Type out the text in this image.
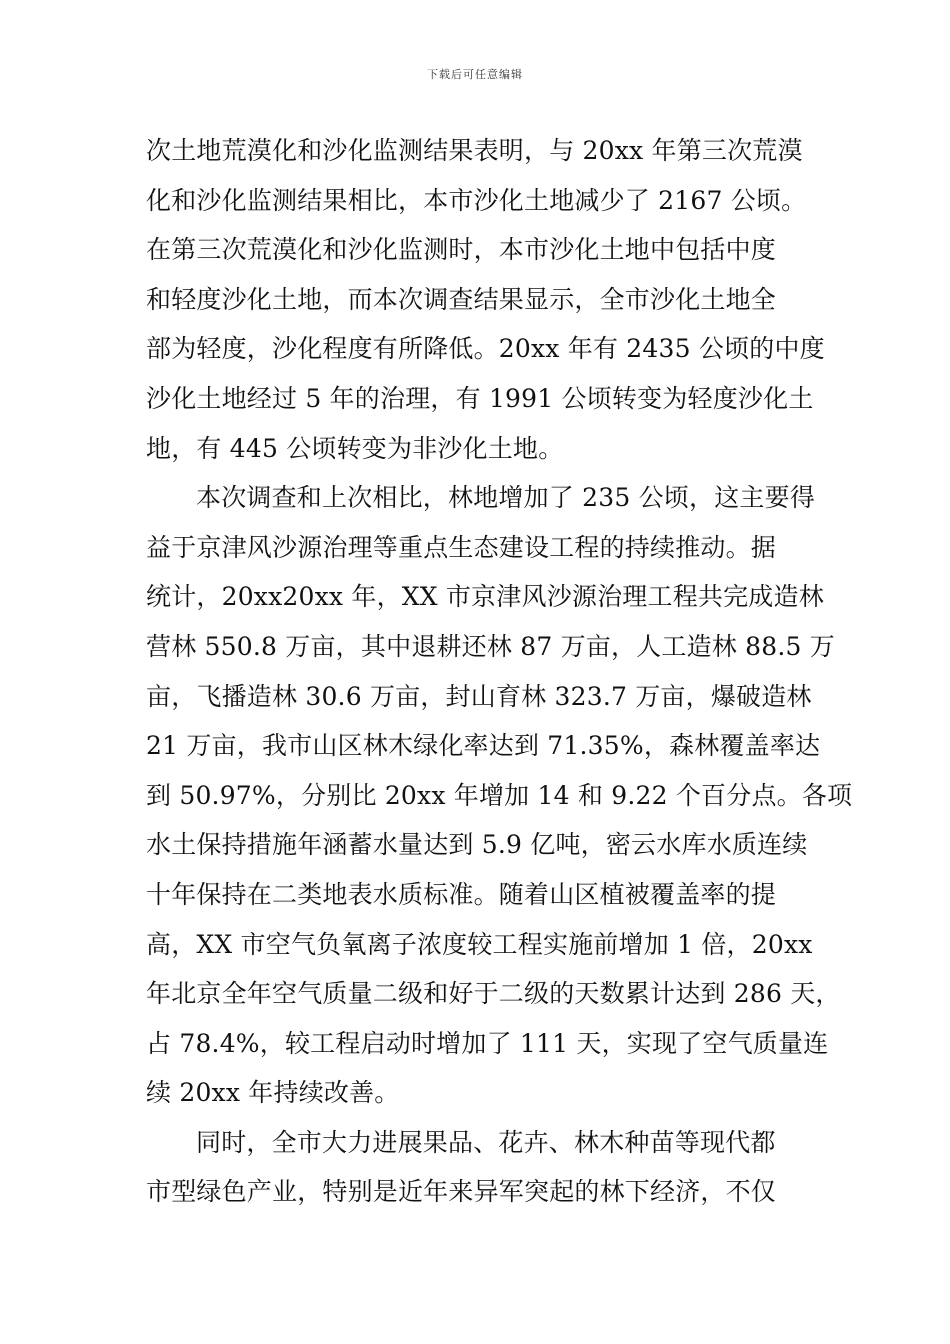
下载后可任意编辑
次土地荒漠化和沙化监测结果表明，与 20xx 年第三次荒漠
化和沙化监测结果相比，本市沙化土地减少了 2167 公顷。
在第三次荒漠化和沙化监测时，本市沙化土地中包括中度
和轻度沙化土地，而本次调查结果显示，全市沙化土地全
部为轻度，沙化程度有所降低。20xx 年有 2435 公顷的中度
沙化土地经过 5 年的治理，有 1991 公顷转变为轻度沙化土
地，有 445 公顷转变为非沙化土地。
本次调查和上次相比，林地增加了 235 公顷，这主要得
益于京津风沙源治理等重点生态建设工程的持续推动。据
统计，20xx20xx 年，XX 市京津风沙源治理工程共完成造林
营林 550.8 万亩，其中退耕还林 87 万亩，人工造林 88.5 万
亩，飞播造林 30.6 万亩，封山育林 323.7 万亩，爆破造林
21 万亩，我市山区林木绿化率达到 71.35%，森林覆盖率达
到 50.97%，分别比 20xx 年增加 14 和 9.22 个百分点。各项
水土保持措施年涵蓄水量达到 5.9 亿吨，密云水库水质连续
十年保持在二类地表水质标准。随着山区植被覆盖率的提
高，XX 市空气负氧离子浓度较工程实施前增加 1 倍，20xx
年北京全年空气质量二级和好于二级的天数累计达到 286 天，
占 78.4%，较工程启动时增加了 111 天，实现了空气质量连
续 20xx 年持续改善。
同时，全市大力进展果品、花卉、林木种苗等现代都
市型绿色产业，特别是近年来异军突起的林下经济，不仅
